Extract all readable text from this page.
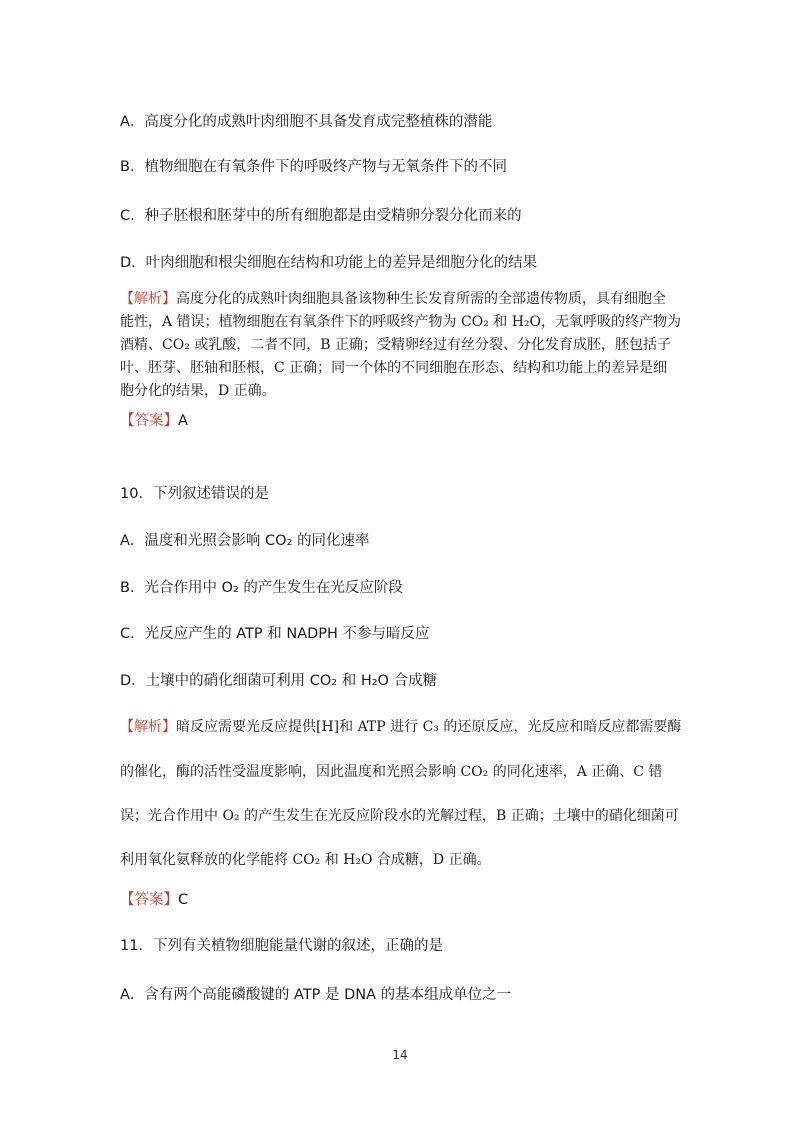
A．高度分化的成熟叶肉细胞不具备发育成完整植株的潜能
B．植物细胞在有氧条件下的呼吸终产物与无氧条件下的不同
C．种子胚根和胚芽中的所有细胞都是由受精卵分裂分化而来的
D．叶肉细胞和根尖细胞在结构和功能上的差异是细胞分化的结果
【解析】高度分化的成熟叶肉细胞具备该物种生长发育所需的全部遗传物质，具有细胞全
能性，A 错误；植物细胞在有氧条件下的呼吸终产物为 CO₂ 和 H₂O，无氧呼吸的终产物为
酒精、CO₂ 或乳酸，二者不同，B 正确；受精卵经过有丝分裂、分化发育成胚，胚包括子
叶、胚芽、胚轴和胚根，C 正确；同一个体的不同细胞在形态、结构和功能上的差异是细
胞分化的结果，D 正确。
【答案】A
10．下列叙述错误的是
A．温度和光照会影响 CO₂ 的同化速率
B．光合作用中 O₂ 的产生发生在光反应阶段
C．光反应产生的 ATP 和 NADPH 不参与暗反应
D．土壤中的硝化细菌可利用 CO₂ 和 H₂O 合成糖
【解析】暗反应需要光反应提供[H]和 ATP 进行 C₃ 的还原反应，光反应和暗反应都需要酶
的催化，酶的活性受温度影响，因此温度和光照会影响 CO₂ 的同化速率，A 正确、C 错
误；光合作用中 O₂ 的产生发生在光反应阶段水的光解过程，B 正确；土壤中的硝化细菌可
利用氧化氨释放的化学能将 CO₂ 和 H₂O 合成糖，D 正确。
【答案】C
11．下列有关植物细胞能量代谢的叙述，正确的是
A．含有两个高能磷酸键的 ATP 是 DNA 的基本组成单位之一
14
